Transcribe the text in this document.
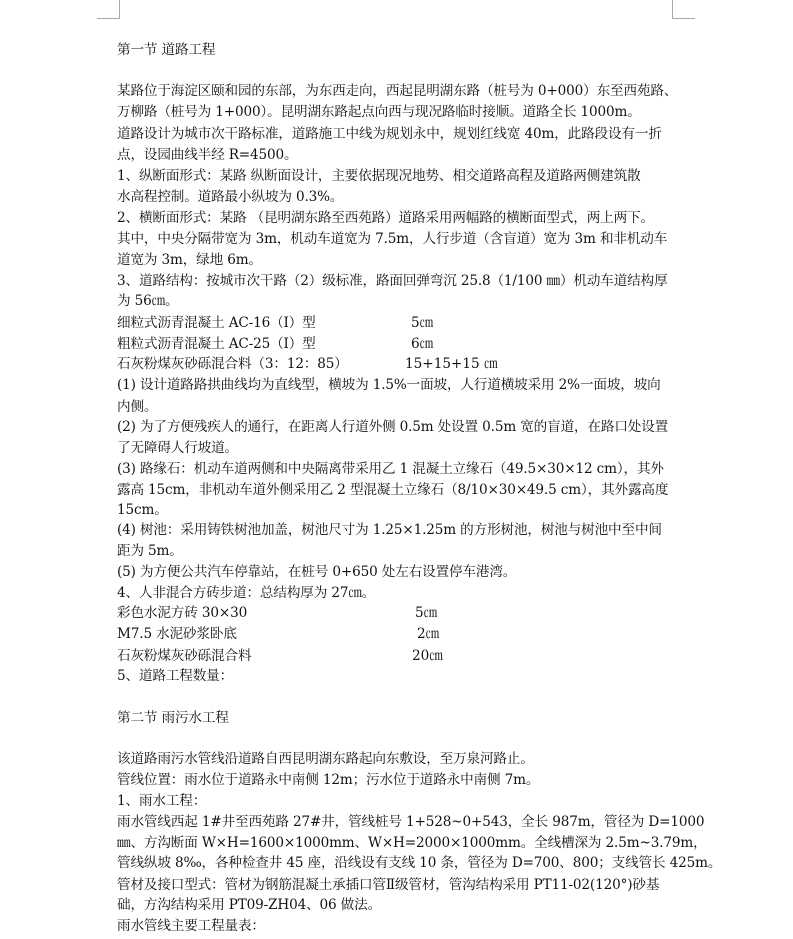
第一节 道路工程
某路位于海淀区颐和园的东部，为东西走向，西起昆明湖东路（桩号为 0+000）东至西苑路、
万柳路（桩号为 1+000）。昆明湖东路起点向西与现况路临时接顺。道路全长 1000m。
道路设计为城市次干路标准，道路施工中线为规划永中，规划红线宽 40m，此路段设有一折
点，设园曲线半经 R=4500。
1、纵断面形式：某路 纵断面设计，主要依据现况地势、相交道路高程及道路两侧建筑散
水高程控制。道路最小纵坡为 0.3%。
2、横断面形式：某路 （昆明湖东路至西苑路）道路采用两幅路的横断面型式，两上两下。
其中，中央分隔带宽为 3m，机动车道宽为 7.5m，人行步道（含盲道）宽为 3m 和非机动车
道宽为 3m，绿地 6m。
3、道路结构：按城市次干路（2）级标准，路面回弹弯沉 25.8（1/100 ㎜）机动车道结构厚
为 56㎝。
细粒式沥青混凝土 AC-16（Ⅰ）型	5㎝
粗粒式沥青混凝土 AC-25（Ⅰ）型	6㎝
石灰粉煤灰砂砾混合料（3：12：85）	15+15+15 ㎝
(1) 设计道路路拱曲线均为直线型，横坡为 1.5%一面坡，人行道横坡采用 2%一面坡，坡向
内侧。
(2) 为了方便残疾人的通行，在距离人行道外侧 0.5m 处设置 0.5m 宽的盲道，在路口处设置
了无障碍人行坡道。
(3) 路缘石：机动车道两侧和中央隔离带采用乙 1 混凝土立缘石（49.5×30×12 cm），其外
露高 15cm，非机动车道外侧采用乙 2 型混凝土立缘石（8/10×30×49.5 cm），其外露高度
15cm。
(4) 树池：采用铸铁树池加盖，树池尺寸为 1.25×1.25m 的方形树池，树池与树池中至中间
距为 5m。
(5) 为方便公共汽车停靠站，在桩号 0+650 处左右设置停车港湾。
4、人非混合方砖步道：总结构厚为 27㎝。
彩色水泥方砖 30×30	5㎝
M7.5 水泥砂浆卧底	2㎝
石灰粉煤灰砂砾混合料	20㎝
5、道路工程数量：
第二节 雨污水工程
该道路雨污水管线沿道路自西昆明湖东路起向东敷设，至万泉河路止。
管线位置：雨水位于道路永中南侧 12m；污水位于道路永中南侧 7m。
1、雨水工程：
雨水管线西起 1#井至西苑路 27#井，管线桩号 1+528~0+543，全长 987m，管径为 D=1000
㎜、方沟断面 W×H=1600×1000mm、W×H=2000×1000mm。全线槽深为 2.5m~3.79m，
管线纵坡 8‰，各种检查井 45 座，沿线设有支线 10 条，管径为 D=700、800；支线管长 425m。
管材及接口型式：管材为钢筋混凝土承插口管Ⅱ级管材，管沟结构采用 PT11-02(120°)砂基
础，方沟结构采用 PT09-ZH04、06 做法。
雨水管线主要工程量表：
